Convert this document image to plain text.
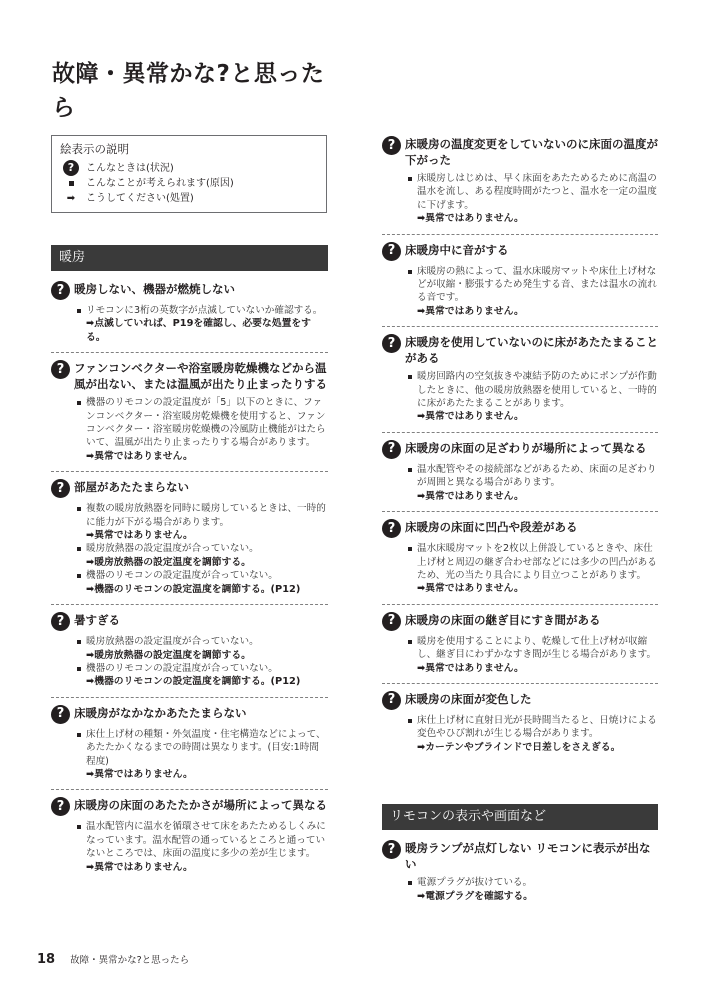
故障・異常かな?と思ったら
絵表示の説明
?	こんなときは(状況)
こんなことが考えられます(原因)
➡	こうしてください(処置)
暖房
? 暖房しない、機器が燃焼しない
リモコンに3桁の英数字が点滅していないか確認する。
➡点滅していれば、P19を確認し、必要な処置をする。
? ファンコンベクターや浴室暖房乾燥機などから温風が出ない、または温風が出たり止まったりする
機器のリモコンの設定温度が「5」以下のときに、ファンコンベクター・浴室暖房乾燥機を使用すると、ファンコンベクター・浴室暖房乾燥機の冷風防止機能がはたらいて、温風が出たり止まったりする場合があります。
➡異常ではありません。
? 部屋があたたまらない
複数の暖房放熱器を同時に暖房しているときは、一時的に能力が下がる場合があります。
➡異常ではありません。
暖房放熱器の設定温度が合っていない。
➡暖房放熱器の設定温度を調節する。
機器のリモコンの設定温度が合っていない。
➡機器のリモコンの設定温度を調節する。(P12)
? 暑すぎる
暖房放熱器の設定温度が合っていない。
➡暖房放熱器の設定温度を調節する。
機器のリモコンの設定温度が合っていない。
➡機器のリモコンの設定温度を調節する。(P12)
? 床暖房がなかなかあたたまらない
床仕上げ材の種類・外気温度・住宅構造などによって、あたたかくなるまでの時間は異なります。(目安:1時間程度)
➡異常ではありません。
? 床暖房の床面のあたたかさが場所によって異なる
温水配管内に温水を循環させて床をあたためるしくみになっています。温水配管の通っているところと通っていないところでは、床面の温度に多少の差が生じます。
➡異常ではありません。
? 床暖房の温度変更をしていないのに床面の温度が下がった
床暖房しはじめは、早く床面をあたためるために高温の温水を流し、ある程度時間がたつと、温水を一定の温度に下げます。
➡異常ではありません。
? 床暖房中に音がする
床暖房の熱によって、温水床暖房マットや床仕上げ材などが収縮・膨張するため発生する音、または温水の流れる音です。
➡異常ではありません。
? 床暖房を使用していないのに床があたたまることがある
暖房回路内の空気抜きや凍結予防のためにポンプが作動したときに、他の暖房放熱器を使用していると、一時的に床があたたまることがあります。
➡異常ではありません。
? 床暖房の床面の足ざわりが場所によって異なる
温水配管やその接続部などがあるため、床面の足ざわりが周囲と異なる場合があります。
➡異常ではありません。
? 床暖房の床面に凹凸や段差がある
温水床暖房マットを2枚以上併設しているときや、床仕上げ材と周辺の継ぎ合わせ部などには多少の凹凸があるため、光の当たり具合により目立つことがあります。
➡異常ではありません。
? 床暖房の床面の継ぎ目にすき間がある
暖房を使用することにより、乾燥して仕上げ材が収縮し、継ぎ目にわずかなすき間が生じる場合があります。
➡異常ではありません。
? 床暖房の床面が変色した
床仕上げ材に直射日光が長時間当たると、日焼けによる変色やひび割れが生じる場合があります。
➡カーテンやブラインドで日差しをさえぎる。
リモコンの表示や画面など
? 暖房ランプが点灯しない リモコンに表示が出ない
電源プラグが抜けている。
➡電源プラグを確認する。
18 故障・異常かな?と思ったら
